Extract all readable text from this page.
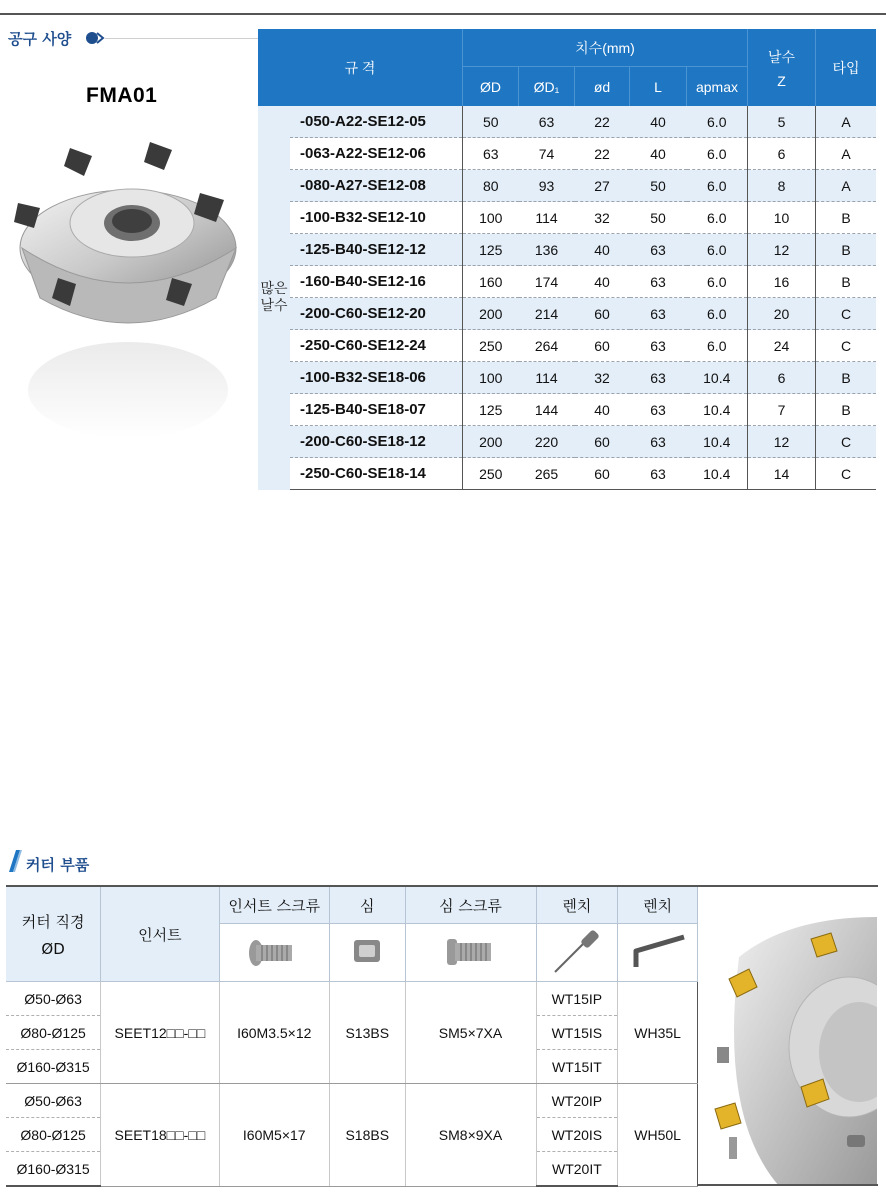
공구 사양
FMA01
규 격		치수(mm)					날수
Z	타입
		ØD	ØD₁	ød	L	apmax		
많은
날수	-050-A22-SE12-05	50	63	22	40	6.0	5	A
	-063-A22-SE12-06	63	74	22	40	6.0	6	A
	-080-A27-SE12-08	80	93	27	50	6.0	8	A
	-100-B32-SE12-10	100	114	32	50	6.0	10	B
	-125-B40-SE12-12	125	136	40	63	6.0	12	B
	-160-B40-SE12-16	160	174	40	63	6.0	16	B
	-200-C60-SE12-20	200	214	60	63	6.0	20	C
	-250-C60-SE12-24	250	264	60	63	6.0	24	C
	-100-B32-SE18-06	100	114	32	63	10.4	6	B
	-125-B40-SE18-07	125	144	40	63	10.4	7	B
	-200-C60-SE18-12	200	220	60	63	10.4	12	C
	-250-C60-SE18-14	250	265	60	63	10.4	14	C
커터 부품
커터 직경
ØD	인서트	인서트 스크류	심	심 스크류	렌치	렌치

Ø50-Ø63	SEET12□□-□□	I60M3.5×12	S13BS	SM5×7XA	WT15IP	WH35L
Ø80-Ø125					WT15IS	
Ø160-Ø315					WT15IT	
Ø50-Ø63	SEET18□□-□□	I60M5×17	S18BS	SM8×9XA	WT20IP	WH50L
Ø80-Ø125					WT20IS	
Ø160-Ø315					WT20IT	
